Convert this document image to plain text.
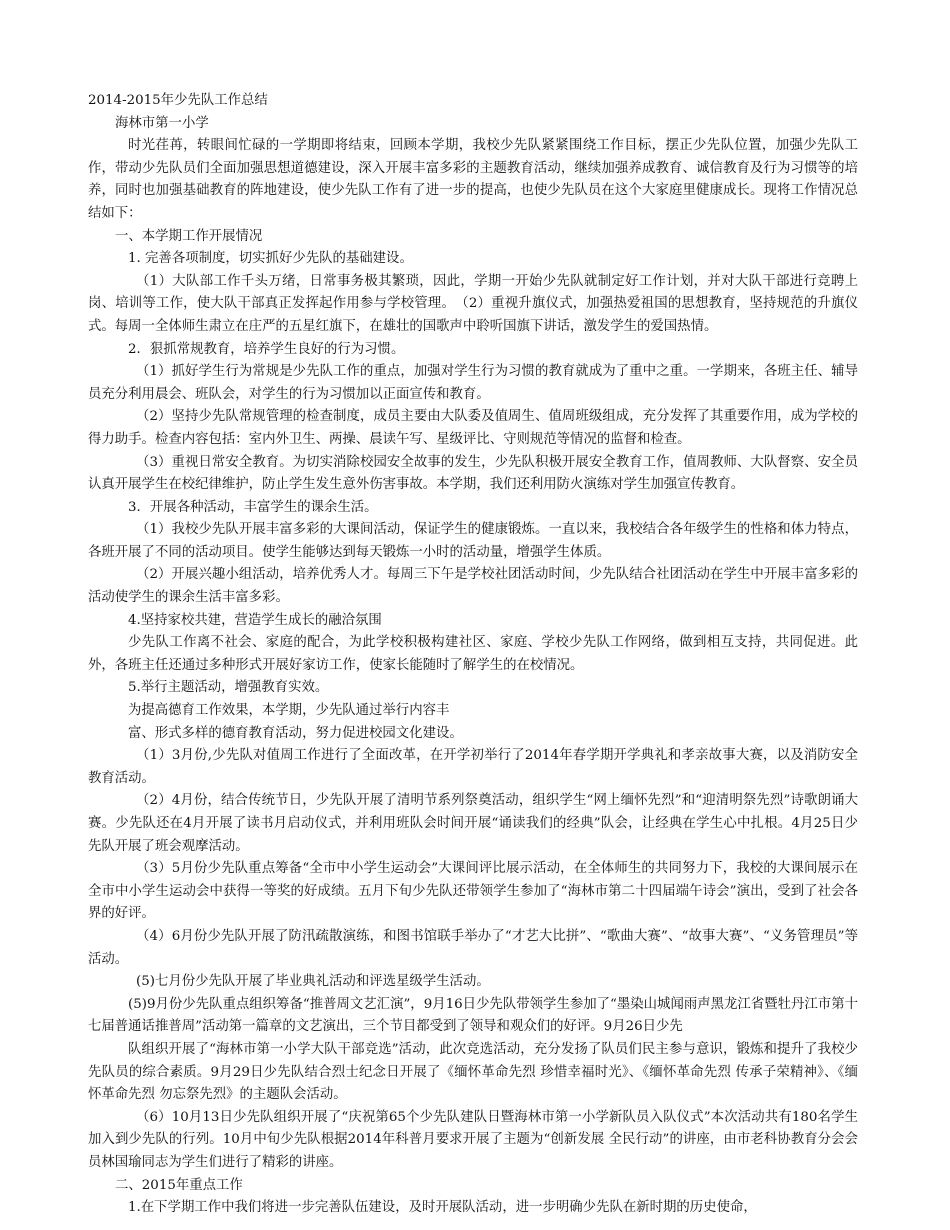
2014-2015年少先队工作总结

海林市第一小学

时光荏苒，转眼间忙碌的一学期即将结束，回顾本学期，我校少先队紧紧围绕工作目标，摆正少先队位置，加强少先队工作，带动少先队员们全面加强思想道德建设，深入开展丰富多彩的主题教育活动，继续加强养成教育、诚信教育及行为习惯等的培养，同时也加强基础教育的阵地建设，使少先队工作有了进一步的提高，也使少先队员在这个大家庭里健康成长。现将工作情况总结如下：

一、本学期工作开展情况

1. 完善各项制度，切实抓好少先队的基础建设。

（1）大队部工作千头万绪，日常事务极其繁琐，因此，学期一开始少先队就制定好工作计划，并对大队干部进行竞聘上岗、培训等工作，使大队干部真正发挥起作用参与学校管理。　（2）重视升旗仪式，加强热爱祖国的思想教育，坚持规范的升旗仪式。每周一全体师生肃立在庄严的五星红旗下，在雄壮的国歌声中聆听国旗下讲话，激发学生的爱国热情。

2．狠抓常规教育，培养学生良好的行为习惯。

（1）抓好学生行为常规是少先队工作的重点，加强对学生行为习惯的教育就成为了重中之重。一学期来，各班主任、辅导员充分利用晨会、班队会，对学生的行为习惯加以正面宣传和教育。

（2）坚持少先队常规管理的检查制度，成员主要由大队委及值周生、值周班级组成，充分发挥了其重要作用，成为学校的得力助手。检查内容包括：室内外卫生、两操、晨读午写、星级评比、守则规范等情况的监督和检查。

（3）重视日常安全教育。为切实消除校园安全故事的发生，少先队积极开展安全教育工作，值周教师、大队督察、安全员认真开展学生在校纪律维护，防止学生发生意外伤害事故。本学期，我们还利用防火演练对学生加强宣传教育。

3．开展各种活动，丰富学生的课余生活。

（1）我校少先队开展丰富多彩的大课间活动，保证学生的健康锻炼。一直以来，我校结合各年级学生的性格和体力特点，各班开展了不同的活动项目。使学生能够达到每天锻炼一小时的活动量，增强学生体质。

（2）开展兴趣小组活动，培养优秀人才。每周三下午是学校社团活动时间，少先队结合社团活动在学生中开展丰富多彩的活动使学生的课余生活丰富多彩。

4.坚持家校共建，营造学生成长的融洽氛围

少先队工作离不社会、家庭的配合，为此学校积极构建社区、家庭、学校少先队工作网络，做到相互支持，共同促进。此外，各班主任还通过多种形式开展好家访工作，使家长能随时了解学生的在校情况。

5.举行主题活动，增强教育实效。

为提高德育工作效果，本学期，少先队通过举行内容丰

富、形式多样的德育教育活动，努力促进校园文化建设。

（1）3月份,少先队对值周工作进行了全面改革，在开学初举行了2014年春学期开学典礼和孝亲故事大赛，以及消防安全教育活动。

（2）4月份，结合传统节日，少先队开展了清明节系列祭奠活动，组织学生“网上缅怀先烈”和“迎清明祭先烈”诗歌朗诵大赛。少先队还在4月开展了读书月启动仪式，并利用班队会时间开展“诵读我们的经典”队会，让经典在学生心中扎根。4月25日少先队开展了班会观摩活动。

（3）5月份少先队重点筹备“全市中小学生运动会”大课间评比展示活动，在全体师生的共同努力下，我校的大课间展示在全市中小学生运动会中获得一等奖的好成绩。五月下旬少先队还带领学生参加了“海林市第二十四届端午诗会”演出，受到了社会各界的好评。

（4）6月份少先队开展了防汛疏散演练，和图书馆联手举办了“才艺大比拼”、“歌曲大赛”、“故事大赛”、“义务管理员”等活动。

(5)七月份少先队开展了毕业典礼活动和评选星级学生活动。

(5)9月份少先队重点组织筹备“推普周文艺汇演”，9月16日少先队带领学生参加了“墨染山城闻雨声黑龙江省暨牡丹江市第十七届普通话推普周”活动第一篇章的文艺演出，三个节目都受到了领导和观众们的好评。9月26日少先

队组织开展了“海林市第一小学大队干部竞选”活动，此次竞选活动，充分发扬了队员们民主参与意识，锻炼和提升了我校少先队员的综合素质。9月29日少先队结合烈士纪念日开展了《缅怀革命先烈 珍惜幸福时光》、《缅怀革命先烈 传承子荣精神》、《缅怀革命先烈 勿忘祭先烈》的主题队会活动。

（6）10月13日少先队组织开展了“庆祝第65个少先队建队日暨海林市第一小学新队员入队仪式”本次活动共有180名学生加入到少先队的行列。10月中旬少先队根据2014年科普月要求开展了主题为“创新发展 全民行动”的讲座，由市老科协教育分会会员林国瑜同志为学生们进行了精彩的讲座。

二、2015年重点工作

1.在下学期工作中我们将进一步完善队伍建设，及时开展队活动，进一步明确少先队在新时期的历史使命，
